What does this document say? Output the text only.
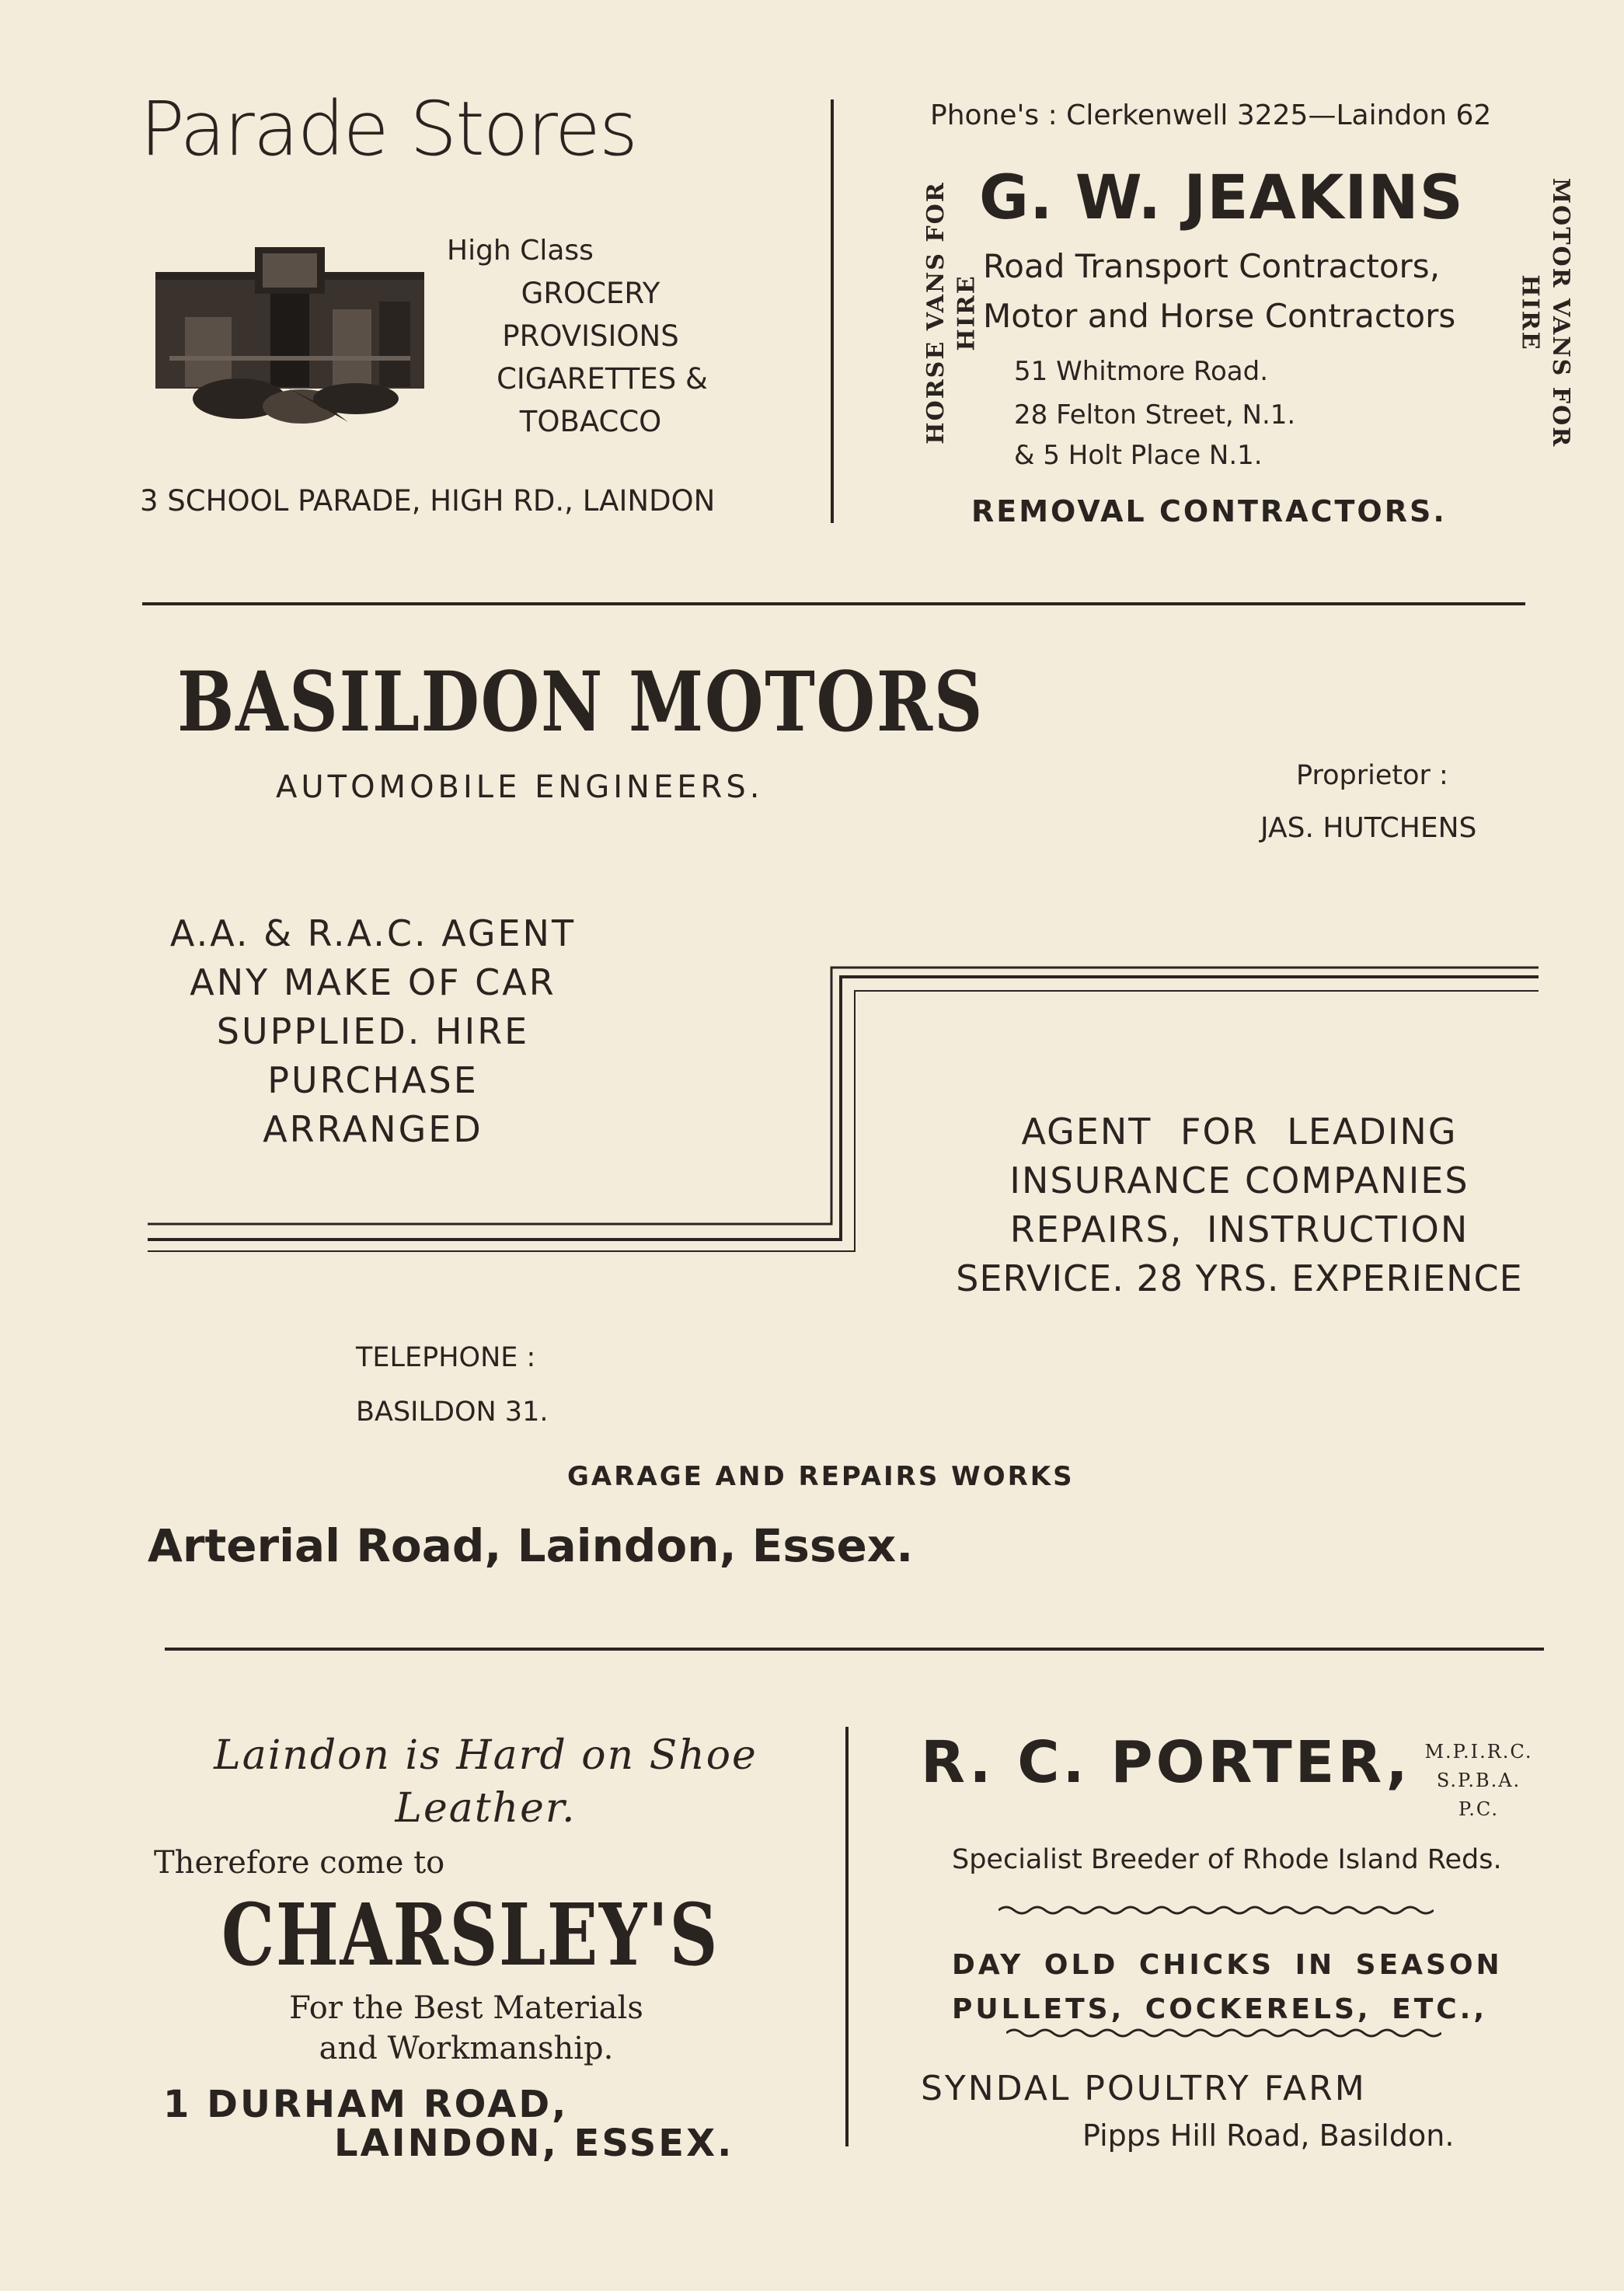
Parade Stores
High Class
GROCERY
PROVISIONS
CIGARETTES &
TOBACCO
3 SCHOOL PARADE, HIGH RD., LAINDON
Phone's : Clerkenwell 3225—Laindon 62
HORSE VANS FOR HIRE
G. W. JEAKINS
Road Transport Contractors,
Motor and Horse Contractors
51 Whitmore Road.
28 Felton Street, N.1.
& 5 Holt Place N.1.
REMOVAL CONTRACTORS.
MOTOR VANS FOR
HIRE
BASILDON MOTORS
AUTOMOBILE ENGINEERS.	Proprietor :
JAS. HUTCHENS
A.A. & R.A.C. AGENT
ANY MAKE OF CAR
SUPPLIED. HIRE PURCHASE
ARRANGED	AGENT FOR LEADING
INSURANCE COMPANIES
REPAIRS, INSTRUCTION
SERVICE. 28 YRS. EXPERIENCE
TELEPHONE :
BASILDON 31.
GARAGE AND REPAIRS WORKS
Arterial Road, Laindon, Essex.
Laindon is Hard on Shoe
Leather.
Therefore come to
CHARSLEY'S
For the Best Materials
and Workmanship.
1 DURHAM ROAD,
LAINDON, ESSEX.
R. C. PORTER, M.P.I.R.C.
S.P.B.A.
P.C.
Specialist Breeder of Rhode Island Reds.
DAY OLD CHICKS IN SEASON
PULLETS, COCKERELS, ETC.,
SYNDAL POULTRY FARM
Pipps Hill Road, Basildon.
